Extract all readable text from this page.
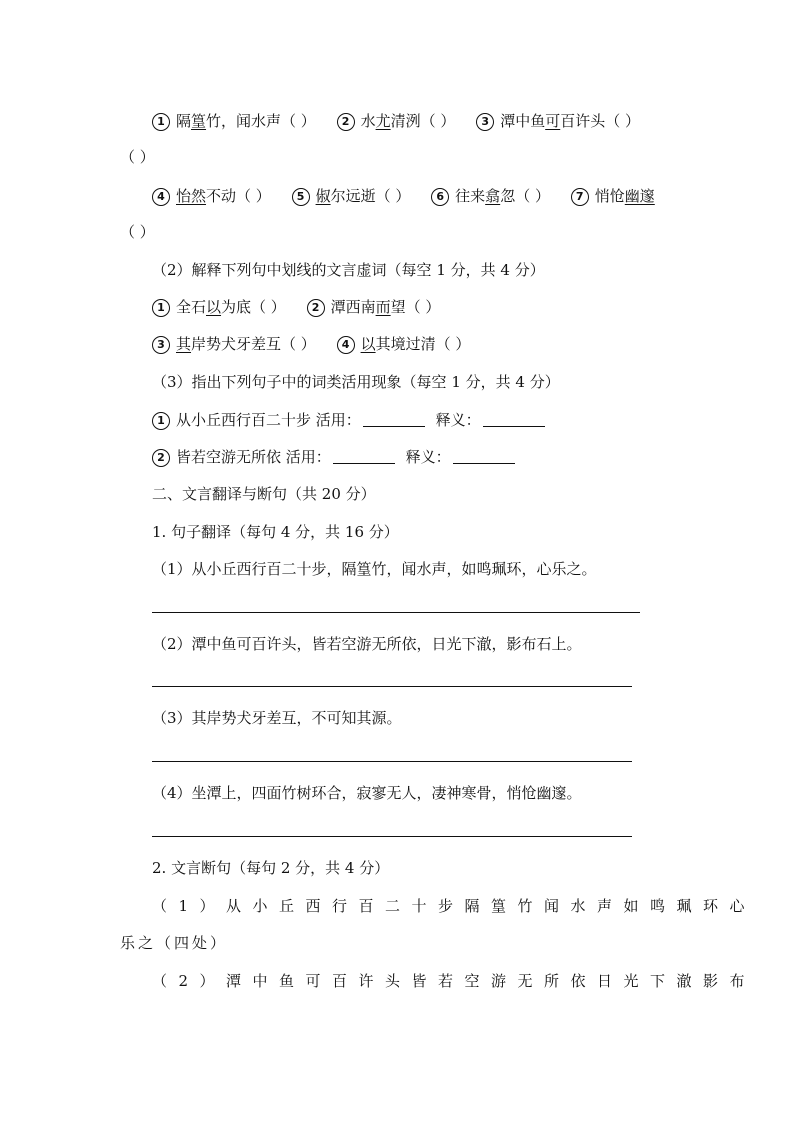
1 隔篁竹，闻水声（ ） 2 水尤清洌（ ） 3 潭中鱼可百许头（ ）
（ ）
4 怡然不动（ ） 5 俶尔远逝（ ） 6 往来翕忽（ ） 7 悄怆幽邃
（ ）
（2）解释下列句中划线的文言虚词（每空 1 分，共 4 分）
1 全石以为底（ ） 2 潭西南而望（ ）
3 其岸势犬牙差互（ ） 4 以其境过清（ ）
（3）指出下列句子中的词类活用现象（每空 1 分，共 4 分）
1 从小丘西行百二十步 活用：	释义：
2 皆若空游无所依 活用：	释义：
二、文言翻译与断句（共 20 分）
1. 句子翻译（每句 4 分，共 16 分）
（1）从小丘西行百二十步，隔篁竹，闻水声，如鸣珮环，心乐之。
（2）潭中鱼可百许头，皆若空游无所依，日光下澈，影布石上。
（3）其岸势犬牙差互，不可知其源。
（4）坐潭上，四面竹树环合，寂寥无人，凄神寒骨，悄怆幽邃。
2. 文言断句（每句 2 分，共 4 分）
（1）从小丘西行百二十步隔篁竹闻水声如鸣珮环心
乐之（四处）
（2）潭中鱼可百许头皆若空游无所依日光下澈影布
